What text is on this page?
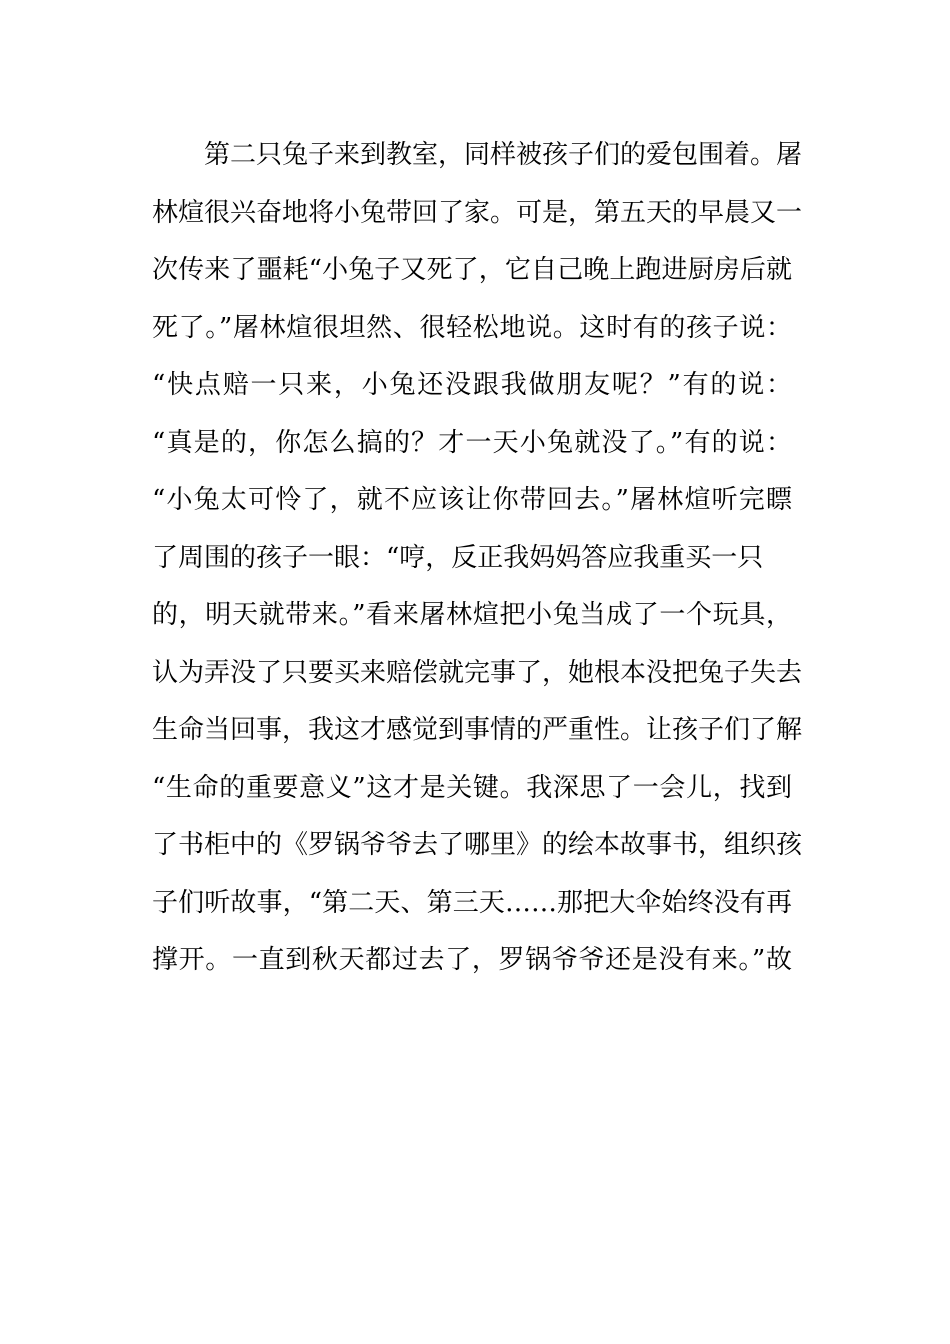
第二只兔子来到教室，同样被孩子们的爱包围着。屠
林煊很兴奋地将小兔带回了家。可是，第五天的早晨又一
次传来了噩耗“小兔子又死了，它自己晚上跑进厨房后就
死了。”屠林煊很坦然、很轻松地说。这时有的孩子说：
“快点赔一只来，小兔还没跟我做朋友呢？”有的说：
“真是的，你怎么搞的？才一天小兔就没了。”有的说：
“小兔太可怜了，就不应该让你带回去。”屠林煊听完瞟
了周围的孩子一眼：“哼，反正我妈妈答应我重买一只
的，明天就带来。”看来屠林煊把小兔当成了一个玩具，
认为弄没了只要买来赔偿就完事了，她根本没把兔子失去
生命当回事，我这才感觉到事情的严重性。让孩子们了解
“生命的重要意义”这才是关键。我深思了一会儿，找到
了书柜中的《罗锅爷爷去了哪里》的绘本故事书，组织孩
子们听故事，“第二天、第三天……那把大伞始终没有再
撑开。一直到秋天都过去了，罗锅爷爷还是没有来。”故
